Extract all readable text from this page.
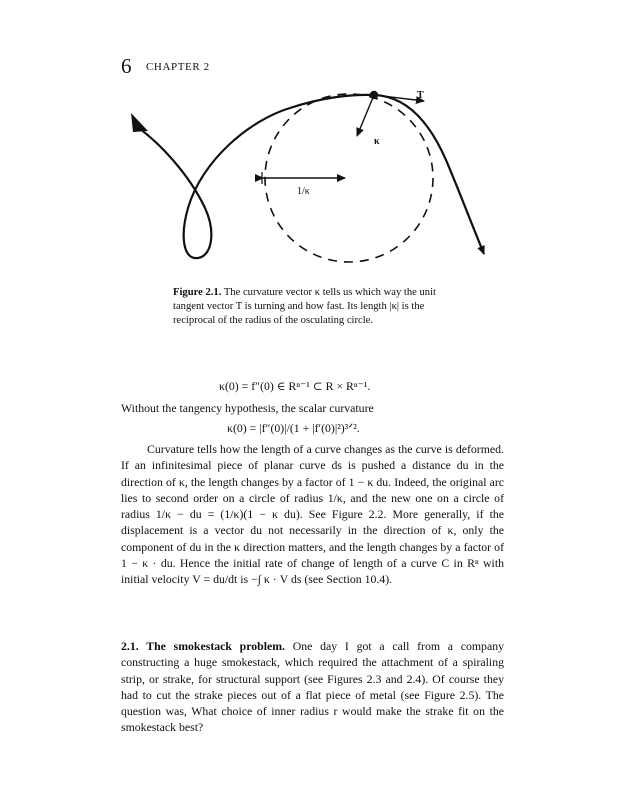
6 CHAPTER 2
T
κ
1/κ
Figure 2.1. The curvature vector κ tells us which way the unit tangent vector T is turning and how fast. Its length |κ| is the reciprocal of the radius of the osculating circle.
κ(0) = f″(0) ∈ Rⁿ⁻¹ ⊂ R × Rⁿ⁻¹.
Without the tangency hypothesis, the scalar curvature
κ(0) = |f″(0)|/(1 + |f′(0)|²)³ᐟ².
Curvature tells how the length of a curve changes as the curve is deformed. If an infinitesimal piece of planar curve ds is pushed a distance du in the direction of κ, the length changes by a factor of 1 − κ du. Indeed, the original arc lies to second order on a circle of radius 1/κ, and the new one on a circle of radius 1/κ − du = (1/κ)(1 − κ du). See Figure 2.2. More generally, if the displacement is a vector du not necessarily in the direction of κ, only the component of du in the κ direction matters, and the length changes by a factor of 1 − κ · du. Hence the initial rate of change of length of a curve C in Rⁿ with initial velocity V = du/dt is −∫ κ · V ds (see Section 10.4).
2.1. The smokestack problem. One day I got a call from a company constructing a huge smokestack, which required the attachment of a spiraling strip, or strake, for structural support (see Figures 2.3 and 2.4). Of course they had to cut the strake pieces out of a flat piece of metal (see Figure 2.5). The question was, What choice of inner radius r would make the strake fit on the smokestack best?
